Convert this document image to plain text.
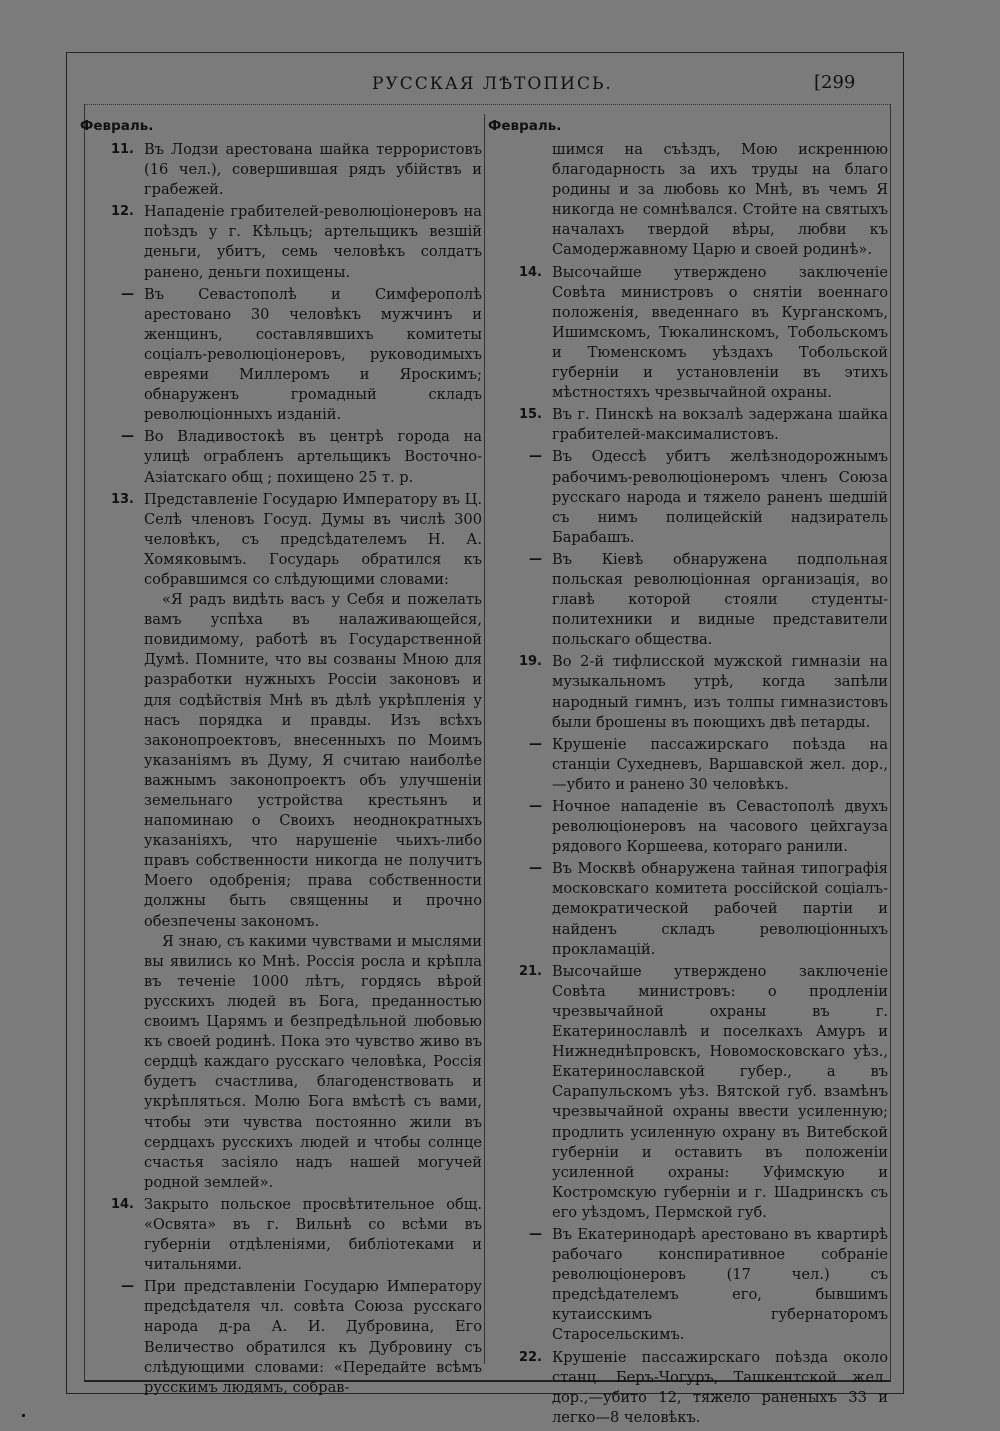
РУССКАЯ ЛѢТОПИСЬ.	[299
Февраль.
11. Въ Лодзи арестована шайка террористовъ (16 чел.), совершившая рядъ убійствъ и грабежей.
12. Нападеніе грабителей-революціонеровъ на поѣздъ у г. Кѣльцъ; артельщикъ везшій деньги, убитъ, семь человѣкъ солдатъ ранено, деньги похищены.
— Въ Севастополѣ и Симферополѣ арестовано 30 человѣкъ мужчинъ и женщинъ, составлявшихъ комитеты соціалъ-революціонеровъ, руководимыхъ евреями Миллеромъ и Яроскимъ; обнаруженъ громадный складъ революціонныхъ изданій.
— Во Владивостокѣ въ центрѣ города на улицѣ ограбленъ артельщикъ Восточно-Азіатскаго общ ; похищено 25 т. р.
13. Представленіе Государю Императору въ Ц. Селѣ членовъ Госуд. Думы въ числѣ 300 человѣкъ, съ предсѣдателемъ Н. А. Хомяковымъ. Государь обратился къ собравшимся со слѣдующими словами:

«Я радъ видѣть васъ у Себя и пожелать вамъ успѣха въ налаживающейся, повидимому, работѣ въ Государственной Думѣ. Помните, что вы созваны Мною для разработки нужныхъ Россіи законовъ и для содѣйствія Мнѣ въ дѣлѣ укрѣпленія у насъ порядка и правды. Изъ всѣхъ законопроектовъ, внесенныхъ по Моимъ указаніямъ въ Думу, Я считаю наиболѣе важнымъ законопроектъ объ улучшеніи земельнаго устройства крестьянъ и напоминаю о Своихъ неоднократныхъ указаніяхъ, что нарушеніе чьихъ-либо правъ собственности никогда не получитъ Моего одобренія; права собственности должны быть священны и прочно обезпечены закономъ.

Я знаю, съ какими чувствами и мыслями вы явились ко Мнѣ. Россія росла и крѣпла въ теченіе 1000 лѣтъ, гордясь вѣрой русскихъ людей въ Бога, преданностью своимъ Царямъ и безпредѣльной любовью къ своей родинѣ. Пока это чувство живо въ сердцѣ каждаго русскаго человѣка, Россія будетъ счастлива, благоденствовать и укрѣпляться. Молю Бога вмѣстѣ съ вами, чтобы эти чувства постоянно жили въ сердцахъ русскихъ людей и чтобы солнце счастья засіяло надъ нашей могучей родной землей».

14. Закрыто польское просвѣтительное общ. «Освята» въ г. Вильнѣ со всѣми въ губерніи отдѣленіями, библіотеками и читальнями.
— При представленіи Государю Императору предсѣдателя чл. совѣта Союза русскаго народа д-ра А. И. Дубровина, Его Величество обратился къ Дубровину съ слѣдующими словами: «Передайте всѣмъ русскимъ людямъ, собрав-
Февраль.
шимся на съѣздъ, Мою искреннюю благодарность за ихъ труды на благо родины и за любовь ко Мнѣ, въ чемъ Я никогда не сомнѣвался. Стойте на святыхъ началахъ твердой вѣры, любви къ Самодержавному Царю и своей родинѣ».
14. Высочайше утверждено заключеніе Совѣта министровъ о снятіи военнаго положенія, введеннаго въ Курганскомъ, Ишимскомъ, Тюкалинскомъ, Тобольскомъ и Тюменскомъ уѣздахъ Тобольской губерніи и установленіи въ этихъ мѣстностяхъ чрезвычайной охраны.
15. Въ г. Пинскѣ на вокзалѣ задержана шайка грабителей-максималистовъ.
— Въ Одессѣ убитъ желѣзнодорожнымъ рабочимъ-революціонеромъ членъ Союза русскаго народа и тяжело раненъ шедшій съ нимъ полицейскій надзиратель Барабашъ.
— Въ Кіевѣ обнаружена подпольная польская революціонная организація, во главѣ которой стояли студенты-политехники и видные представители польскаго общества.
19. Во 2-й тифлисской мужской гимназіи на музыкальномъ утрѣ, когда запѣли народный гимнъ, изъ толпы гимназистовъ были брошены въ поющихъ двѣ петарды.
— Крушеніе пассажирскаго поѣзда на станціи Сухедневъ, Варшавской жел. дор.,—убито и ранено 30 человѣкъ.
— Ночное нападеніе въ Севастополѣ двухъ революціонеровъ на часового цейхгауза рядового Коршеева, котораго ранили.
— Въ Москвѣ обнаружена тайная типографія московскаго комитета россійской соціалъ-демократической рабочей партіи и найденъ складъ революціонныхъ прокламацій.
21. Высочайше утверждено заключеніе Совѣта министровъ: о продленіи чрезвычайной охраны въ г. Екатеринославлѣ и поселкахъ Амуръ и Нижнеднѣпровскъ, Новомосковскаго уѣз., Екатеринославской губер., а въ Сарапульскомъ уѣз. Вятской губ. взамѣнъ чрезвычайной охраны ввести усиленную; продлить усиленную охрану въ Витебской губерніи и оставить въ положеніи усиленной охраны: Уфимскую и Костромскую губерніи и г. Шадринскъ съ его уѣздомъ, Пермской губ.
— Въ Екатеринодарѣ арестовано въ квартирѣ рабочаго конспиративное собраніе революціонеровъ (17 чел.) съ предсѣдателемъ его, бывшимъ кутаисскимъ губернаторомъ Старосельскимъ.
22. Крушеніе пассажирскаго поѣзда около станц. Беръ-Чогуръ, Ташкентской жел. дор.,—убито 12, тяжело раненыхъ 33 и легко—8 человѣкъ.
